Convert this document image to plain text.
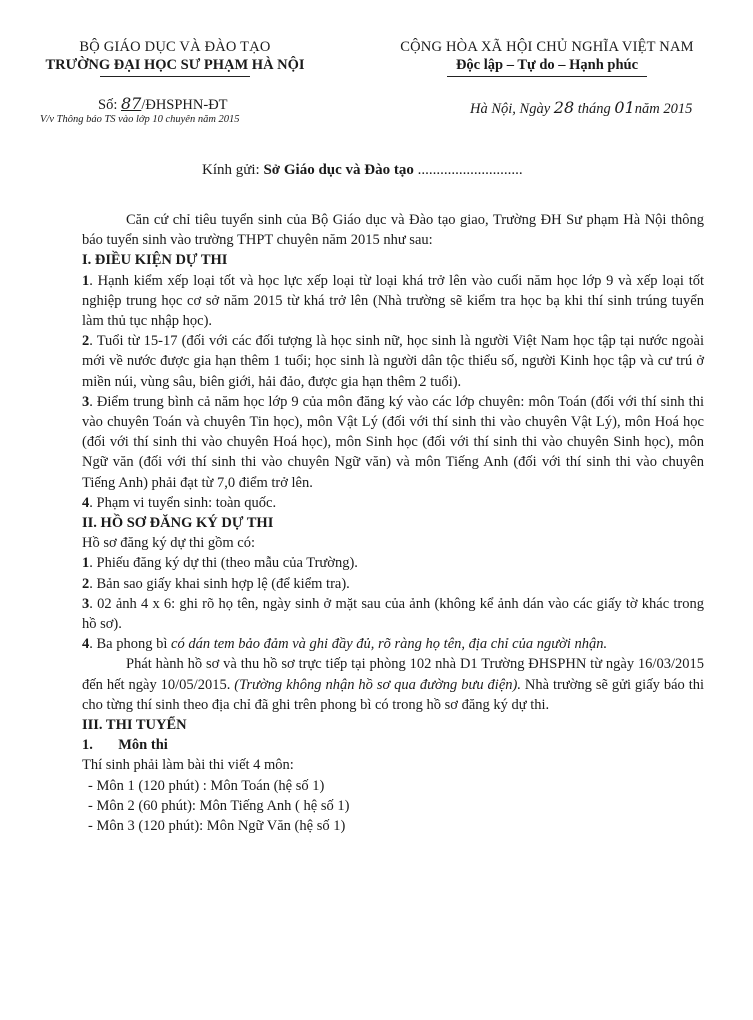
BỘ GIÁO DỤC VÀ ĐÀO TẠO
TRƯỜNG ĐẠI HỌC SƯ PHẠM HÀ NỘI
CỘNG HÒA XÃ HỘI CHỦ NGHĨA VIỆT NAM
Độc lập – Tự do – Hạnh phúc
Số: 87/ĐHSPHN-ĐT
V/v Thông báo TS vào lớp 10 chuyên năm 2015
Hà Nội, Ngày 28 tháng 01năm 2015
Kính gửi: Sở Giáo dục và Đào tạo ............................

Căn cứ chỉ tiêu tuyển sinh của Bộ Giáo dục và Đào tạo giao, Trường ĐH Sư phạm Hà Nội thông báo tuyển sinh vào trường THPT chuyên năm 2015 như sau:

I. ĐIỀU KIỆN DỰ THI

1. Hạnh kiểm xếp loại tốt và học lực xếp loại từ loại khá trở lên vào cuối năm học lớp 9 và xếp loại tốt nghiệp trung học cơ sở năm 2015 từ khá trở lên (Nhà trường sẽ kiểm tra học bạ khi thí sinh trúng tuyển làm thủ tục nhập học).

2. Tuổi từ 15-17 (đối với các đối tượng là học sinh nữ, học sinh là người Việt Nam học tập tại nước ngoài mới về nước được gia hạn thêm 1 tuổi; học sinh là người dân tộc thiểu số, người Kinh học tập và cư trú ở miền núi, vùng sâu, biên giới, hải đảo, được gia hạn thêm 2 tuổi).

3. Điểm trung bình cả năm học lớp 9 của môn đăng ký vào các lớp chuyên: môn Toán (đối với thí sinh thi vào chuyên Toán và chuyên Tin học), môn Vật Lý (đối với thí sinh thi vào chuyên Vật Lý), môn Hoá học (đối với thí sinh thi vào chuyên Hoá học), môn Sinh học (đối với thí sinh thi vào chuyên Sinh học), môn Ngữ văn (đối với thí sinh thi vào chuyên Ngữ văn) và môn Tiếng Anh (đối với thí sinh thi vào chuyên Tiếng Anh) phải đạt từ 7,0 điểm trở lên.

4. Phạm vi tuyển sinh: toàn quốc.

II. HỒ SƠ ĐĂNG KÝ DỰ THI

Hồ sơ đăng ký dự thi gồm có:

1. Phiếu đăng ký dự thi (theo mẫu của Trường).

2. Bản sao giấy khai sinh hợp lệ (để kiểm tra).

3. 02 ảnh 4 x 6: ghi rõ họ tên, ngày sinh ở mặt sau của ảnh (không kể ảnh dán vào các giấy tờ khác trong hồ sơ).

4. Ba phong bì có dán tem bảo đảm và ghi đầy đủ, rõ ràng họ tên, địa chỉ của người nhận.

Phát hành hồ sơ và thu hồ sơ trực tiếp tại phòng 102 nhà D1 Trường ĐHSPHN từ ngày 16/03/2015 đến hết ngày 10/05/2015. (Trường không nhận hồ sơ qua đường bưu điện). Nhà trường sẽ gửi giấy báo thi cho từng thí sinh theo địa chỉ đã ghi trên phong bì có trong hồ sơ đăng ký dự thi.

III. THI TUYỂN

1. Môn thi

Thí sinh phải làm bài thi viết 4 môn:

- Môn 1 (120 phút) : Môn Toán (hệ số 1)

- Môn 2 (60 phút): Môn Tiếng Anh ( hệ số 1)

- Môn 3 (120 phút): Môn Ngữ Văn (hệ số 1)
